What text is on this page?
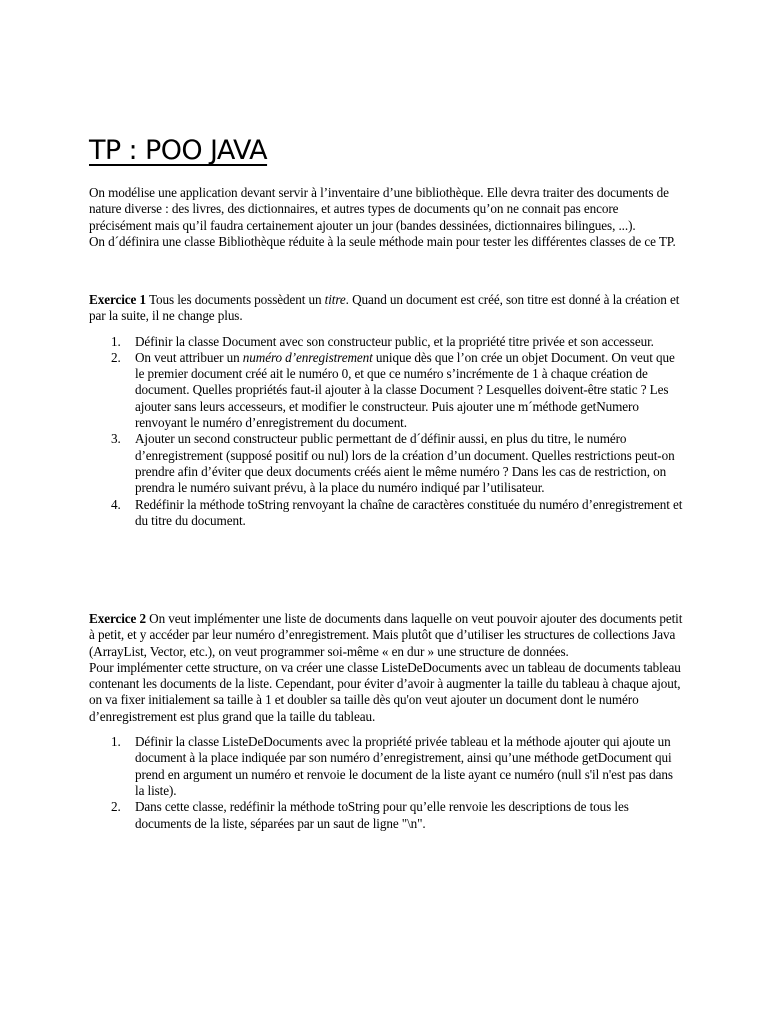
TP : POO JAVA

On modélise une application devant servir à l’inventaire d’une bibliothèque. Elle devra traiter des documents de nature diverse : des livres, des dictionnaires, et autres types de documents qu’on ne connait pas encore précisément mais qu’il faudra certainement ajouter un jour (bandes dessinées, dictionnaires bilingues, ...).

On d´définira une classe Bibliothèque réduite à la seule méthode main pour tester les différentes classes de ce TP.

Exercice 1 Tous les documents possèdent un titre. Quand un document est créé, son titre est donné à la création et par la suite, il ne change plus.

1. Définir la classe Document avec son constructeur public, et la propriété titre privée et son accesseur.
2. On veut attribuer un numéro d’enregistrement unique dès que l’on crée un objet Document. On veut que le premier document créé ait le numéro 0, et que ce numéro s’incrémente de 1 à chaque création de document. Quelles propriétés faut-il ajouter à la classe Document ? Lesquelles doivent-être static ? Les ajouter sans leurs accesseurs, et modifier le constructeur. Puis ajouter une m´méthode getNumero renvoyant le numéro d’enregistrement du document.
3. Ajouter un second constructeur public permettant de d´définir aussi, en plus du titre, le numéro d’enregistrement (supposé positif ou nul) lors de la création d’un document. Quelles restrictions peut-on prendre afin d’éviter que deux documents créés aient le même numéro ? Dans les cas de restriction, on prendra le numéro suivant prévu, à la place du numéro indiqué par l’utilisateur.
4. Redéfinir la méthode toString renvoyant la chaîne de caractères constituée du numéro d’enregistrement et du titre du document.

Exercice 2 On veut implémenter une liste de documents dans laquelle on veut pouvoir ajouter des documents petit à petit, et y accéder par leur numéro d’enregistrement. Mais plutôt que d’utiliser les structures de collections Java (ArrayList, Vector, etc.), on veut programmer soi-même « en dur » une structure de données.

Pour implémenter cette structure, on va créer une classe ListeDeDocuments avec un tableau de documents tableau contenant les documents de la liste. Cependant, pour éviter d’avoir à augmenter la taille du tableau à chaque ajout, on va fixer initialement sa taille à 1 et doubler sa taille dès qu'on veut ajouter un document dont le numéro d’enregistrement est plus grand que la taille du tableau.

1. Définir la classe ListeDeDocuments avec la propriété privée tableau et la méthode ajouter qui ajoute un document à la place indiquée par son numéro d’enregistrement, ainsi qu’une méthode getDocument qui prend en argument un numéro et renvoie le document de la liste ayant ce numéro (null s'il n'est pas dans la liste).
2. Dans cette classe, redéfinir la méthode toString pour qu’elle renvoie les descriptions de tous les documents de la liste, séparées par un saut de ligne "\n".
